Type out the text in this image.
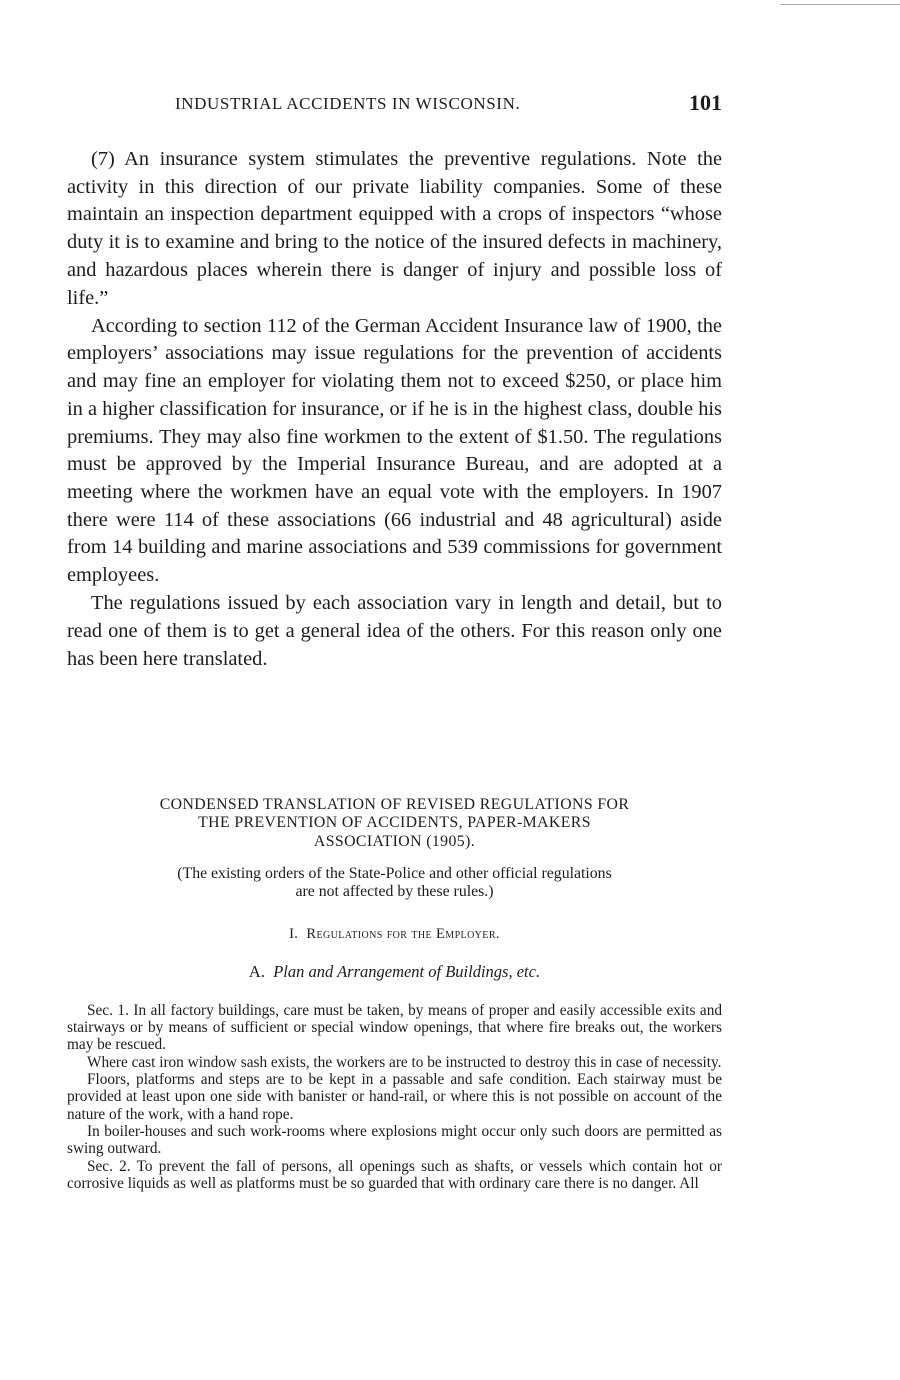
INDUSTRIAL ACCIDENTS IN WISCONSIN.	101

(7) An insurance system stimulates the preventive regulations. Note the activity in this direction of our private liability companies. Some of these maintain an inspection department equipped with a crops of inspectors “whose duty it is to examine and bring to the notice of the insured defects in machinery, and hazardous places wherein there is danger of injury and possible loss of life.”

According to section 112 of the German Accident Insurance law of 1900, the employers’ associations may issue regulations for the prevention of accidents and may fine an employer for violating them not to exceed $250, or place him in a higher classification for insurance, or if he is in the highest class, double his premiums. They may also fine workmen to the extent of $1.50. The regulations must be approved by the Imperial Insurance Bureau, and are adopted at a meeting where the workmen have an equal vote with the employers. In 1907 there were 114 of these associations (66 industrial and 48 agricultural) aside from 14 building and marine associations and 539 commissions for government employees.

The regulations issued by each association vary in length and detail, but to read one of them is to get a general idea of the others. For this reason only one has been here translated.

CONDENSED TRANSLATION OF REVISED REGULATIONS FOR
THE PREVENTION OF ACCIDENTS, PAPER-MAKERS
ASSOCIATION (1905).

(The existing orders of the State-Police and other official regulations
are not affected by these rules.)

I. Regulations for the Employer.

A. Plan and Arrangement of Buildings, etc.

Sec. 1. In all factory buildings, care must be taken, by means of proper and easily accessible exits and stairways or by means of sufficient or special window openings, that where fire breaks out, the workers may be rescued.

Where cast iron window sash exists, the workers are to be instructed to destroy this in case of necessity.

Floors, platforms and steps are to be kept in a passable and safe condition. Each stairway must be provided at least upon one side with banister or hand-rail, or where this is not possible on account of the nature of the work, with a hand rope.

In boiler-houses and such work-rooms where explosions might occur only such doors are permitted as swing outward.

Sec. 2. To prevent the fall of persons, all openings such as shafts, or vessels which contain hot or corrosive liquids as well as platforms must be so guarded that with ordinary care there is no danger. All
